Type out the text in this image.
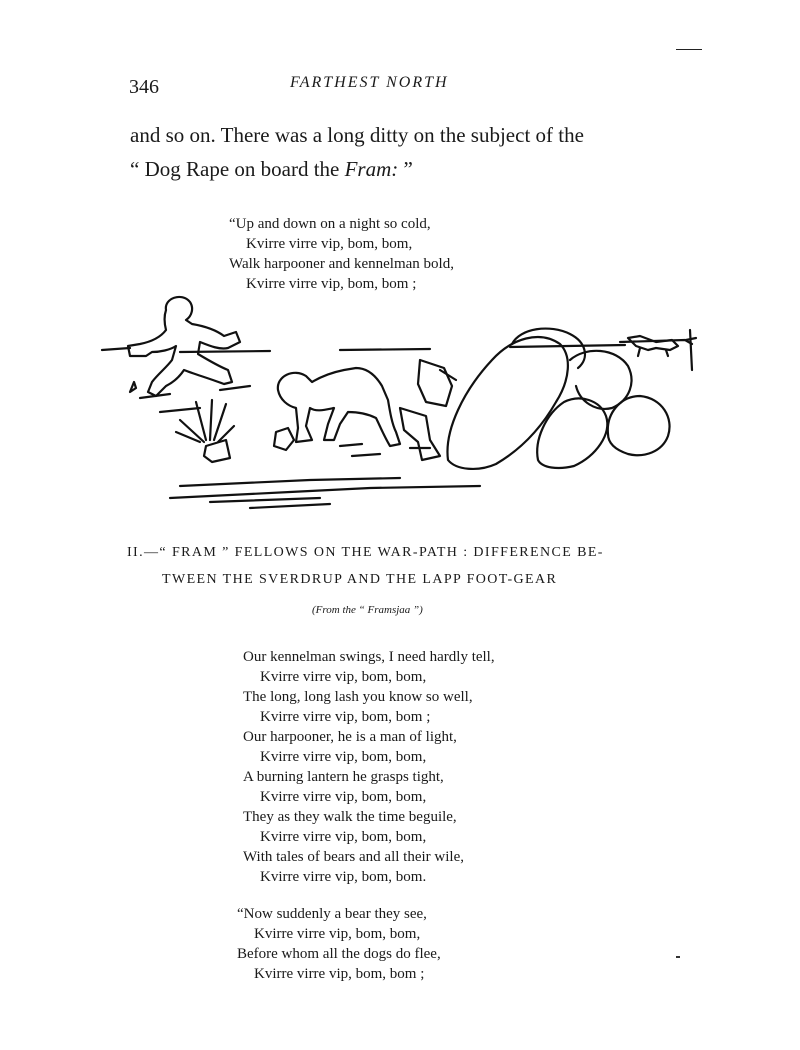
346	FARTHEST NORTH

and so on. There was a long ditty on the subject of the

“ Dog Rape on board the Fram: ”

“Up and down on a night so cold,
Kvirre virre vip, bom, bom,
Walk harpooner and kennelman bold,
Kvirre virre vip, bom, bom ;

II.—“ FRAM ” FELLOWS ON THE WAR-PATH : DIFFERENCE BE-

TWEEN THE SVERDRUP AND THE LAPP FOOT-GEAR

(From the “ Framsjaa ”)

Our kennelman swings, I need hardly tell,
Kvirre virre vip, bom, bom,
The long, long lash you know so well,
Kvirre virre vip, bom, bom ;
Our harpooner, he is a man of light,
Kvirre virre vip, bom, bom,
A burning lantern he grasps tight,
Kvirre virre vip, bom, bom,
They as they walk the time beguile,
Kvirre virre vip, bom, bom,
With tales of bears and all their wile,
Kvirre virre vip, bom, bom.
“Now suddenly a bear they see,
Kvirre virre vip, bom, bom,
Before whom all the dogs do flee,
Kvirre virre vip, bom, bom ;
